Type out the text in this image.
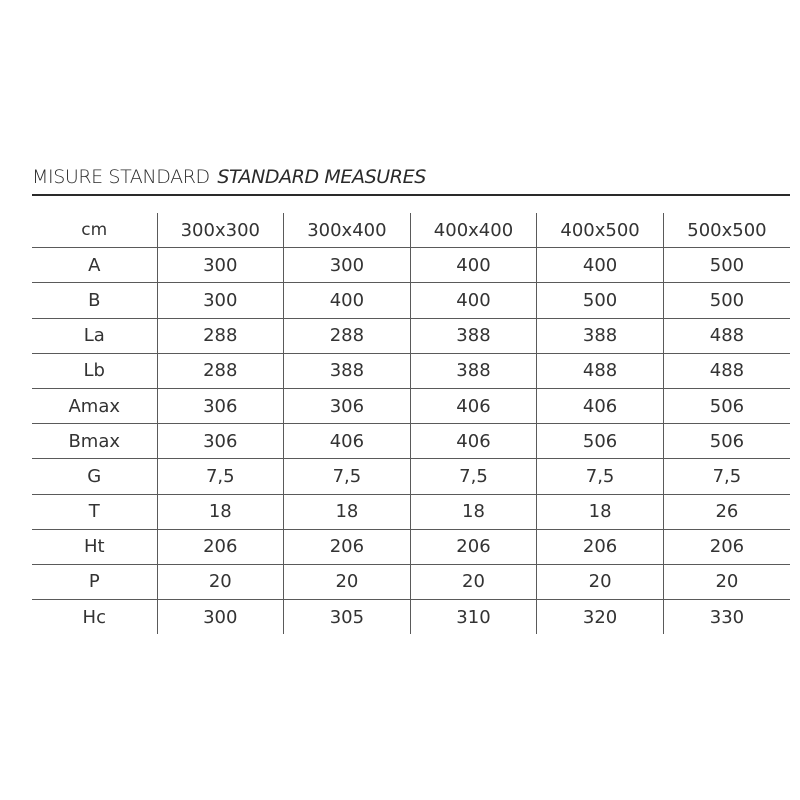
MISURE STANDARD STANDARD MEASURES
cm	300x300	300x400	400x400	400x500	500x500
A	300	300	400	400	500
B	300	400	400	500	500
La	288	288	388	388	488
Lb	288	388	388	488	488
Amax	306	306	406	406	506
Bmax	306	406	406	506	506
G	7,5	7,5	7,5	7,5	7,5
T	18	18	18	18	26
Ht	206	206	206	206	206
P	20	20	20	20	20
Hc	300	305	310	320	330
